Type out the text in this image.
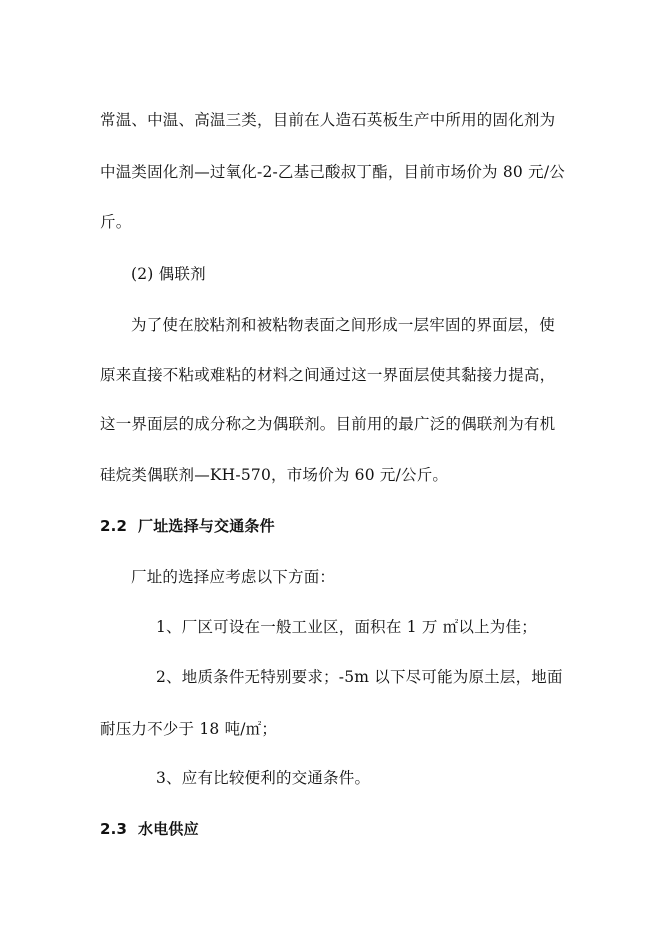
常温、中温、高温三类，目前在人造石英板生产中所用的固化剂为
中温类固化剂—过氧化-2-乙基己酸叔丁酯，目前市场价为 80 元/公
斤。
(2) 偶联剂
为了使在胶粘剂和被粘物表面之间形成一层牢固的界面层，使
原来直接不粘或难粘的材料之间通过这一界面层使其黏接力提高，
这一界面层的成分称之为偶联剂。目前用的最广泛的偶联剂为有机
硅烷类偶联剂—KH-570，市场价为 60 元/公斤。
2.2 厂址选择与交通条件
厂址的选择应考虑以下方面：
1、厂区可设在一般工业区，面积在 1 万 ㎡以上为佳；
2、地质条件无特别要求；-5m 以下尽可能为原土层，地面
耐压力不少于 18 吨/㎡；
3、应有比较便利的交通条件。
2.3 水电供应
